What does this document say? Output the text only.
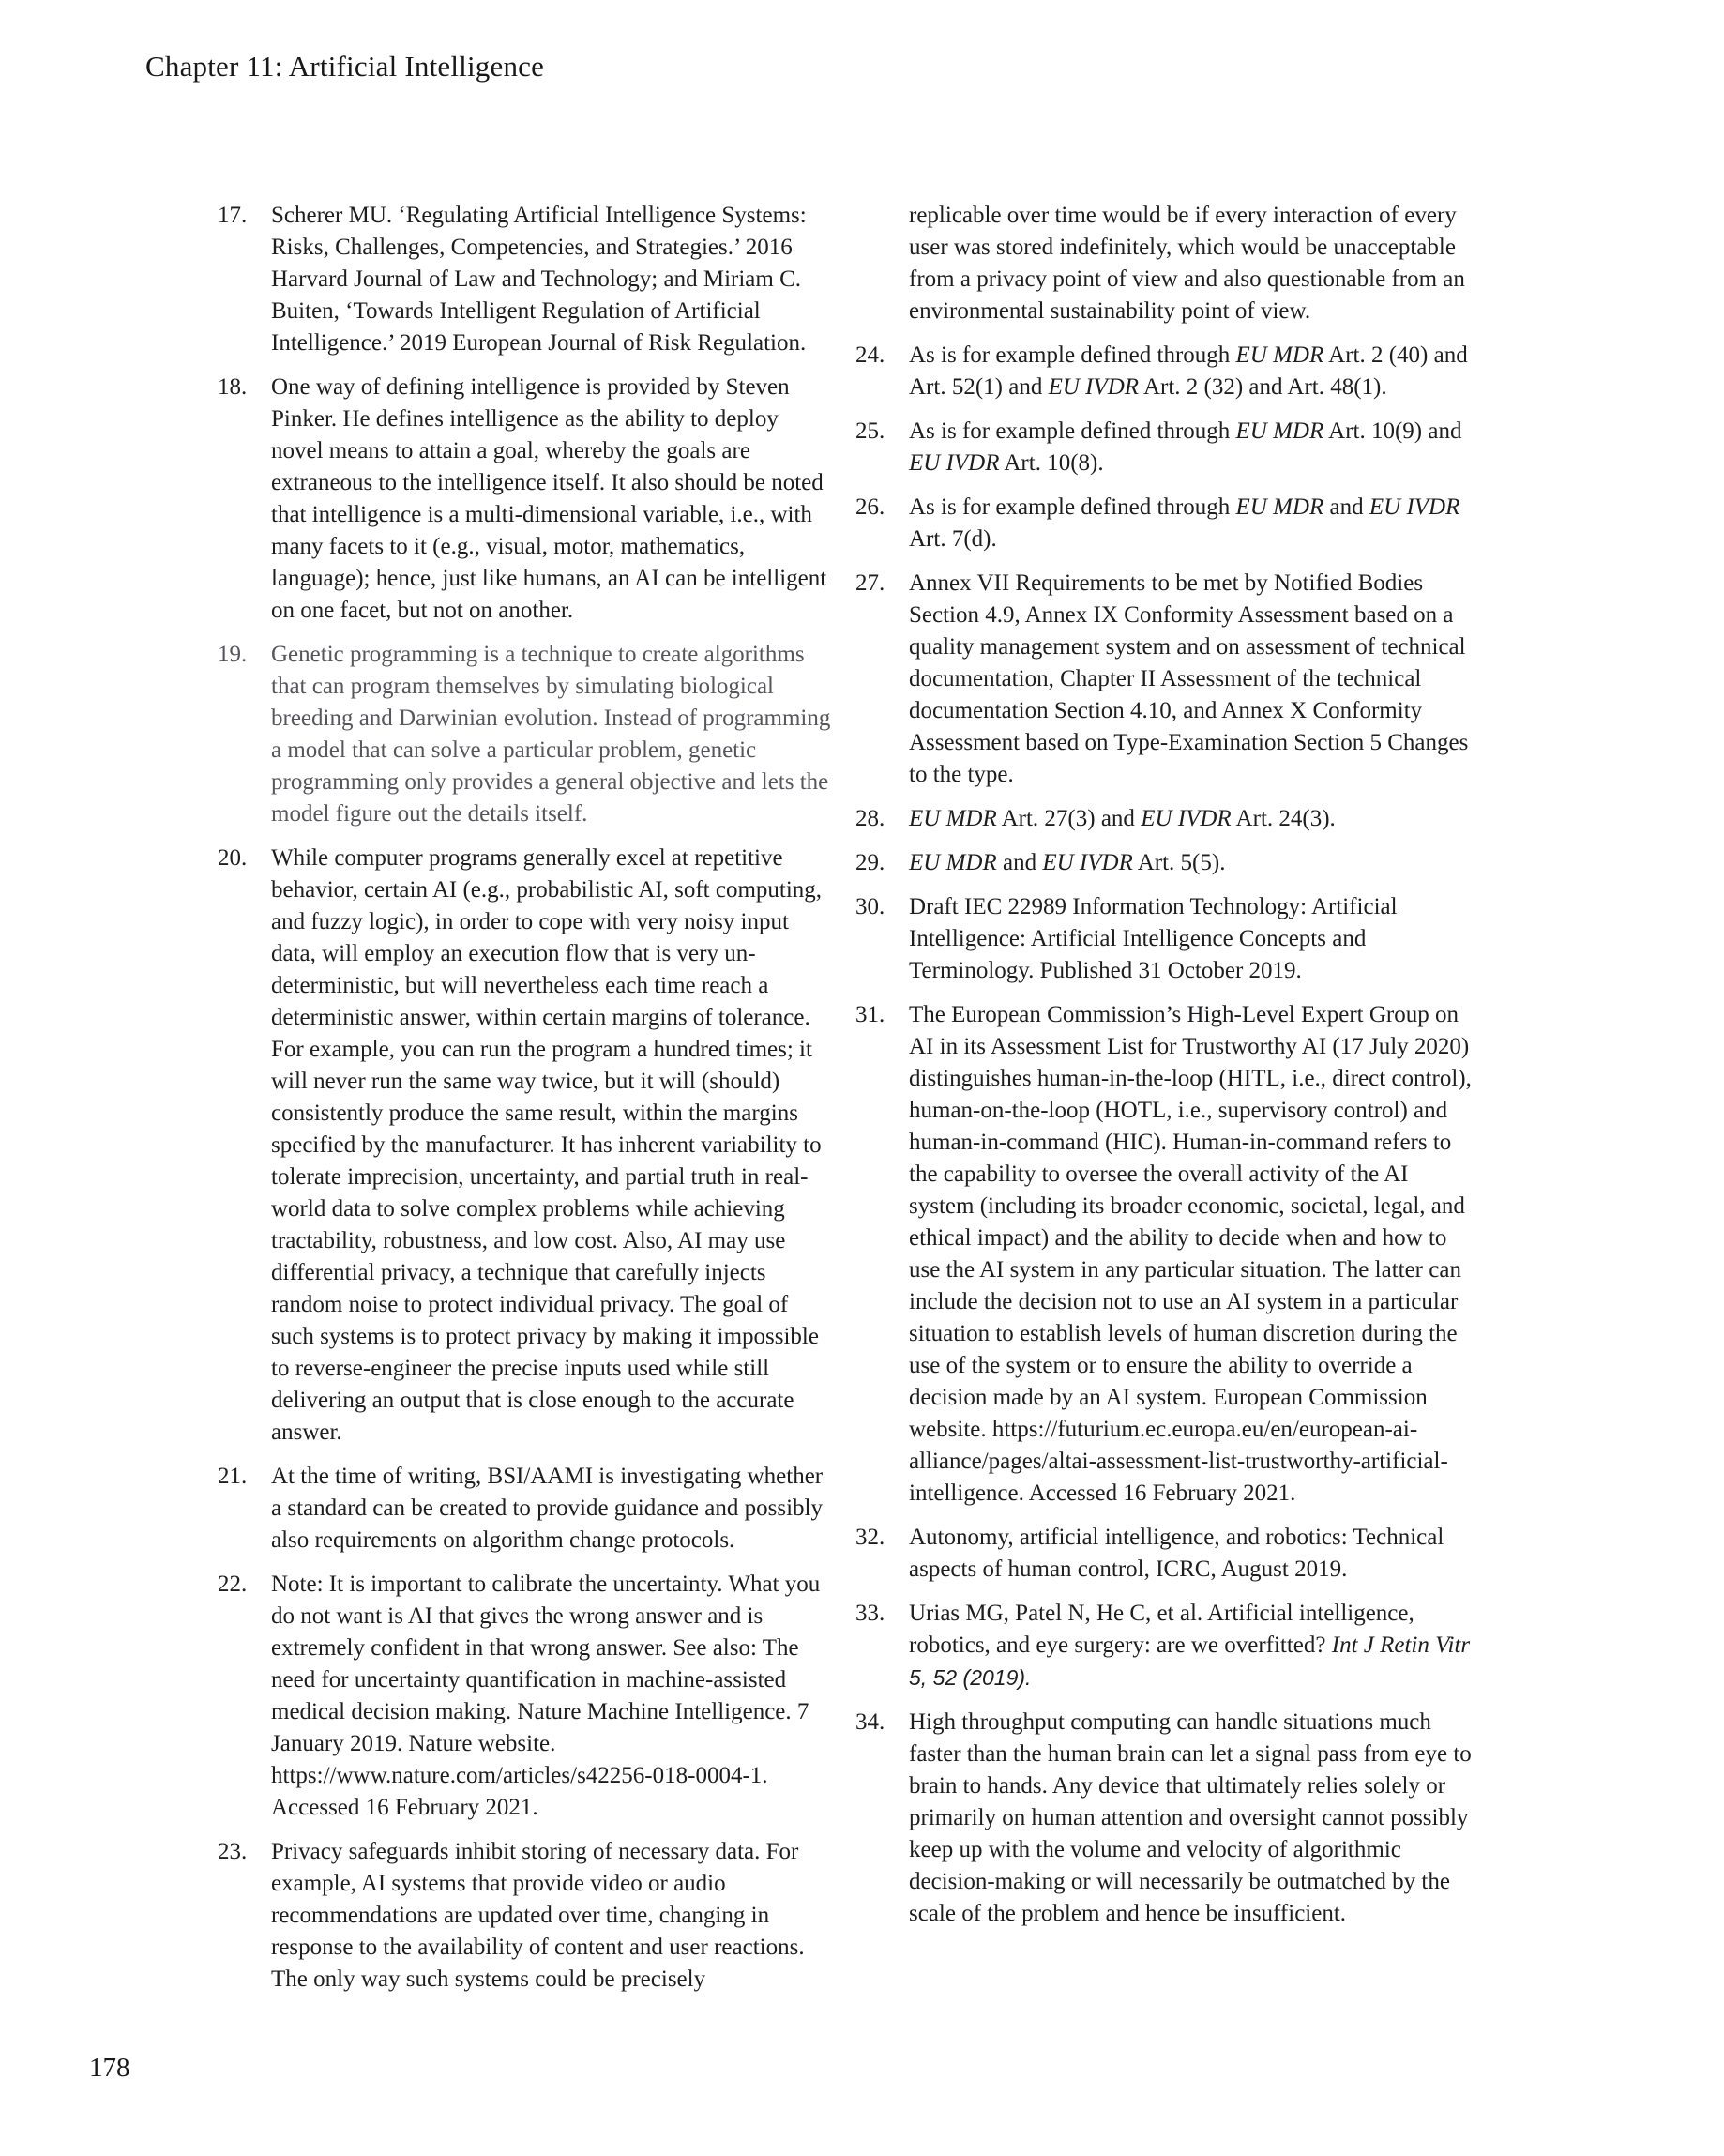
Chapter 11: Artificial Intelligence
17.	Scherer MU. ‘Regulating Artificial Intelligence Systems: Risks, Challenges, Competencies, and Strategies.’ 2016 Harvard Journal of Law and Technology; and Miriam C. Buiten, ‘Towards Intelligent Regulation of Artificial Intelligence.’ 2019 European Journal of Risk Regulation.
18.	One way of defining intelligence is provided by Steven Pinker. He defines intelligence as the ability to deploy novel means to attain a goal, whereby the goals are extraneous to the intelligence itself. It also should be noted that intelligence is a multi-dimensional variable, i.e., with many facets to it (e.g., visual, motor, mathematics, language); hence, just like humans, an AI can be intelligent on one facet, but not on another.
19.	Genetic programming is a technique to create algorithms that can program themselves by simulating biological breeding and Darwinian evolution. Instead of programming a model that can solve a particular problem, genetic programming only provides a general objective and lets the model figure out the details itself.
20.	While computer programs generally excel at repetitive behavior, certain AI (e.g., probabilistic AI, soft computing, and fuzzy logic), in order to cope with very noisy input data, will employ an execution flow that is very un-deterministic, but will nevertheless each time reach a deterministic answer, within certain margins of tolerance. For example, you can run the program a hundred times; it will never run the same way twice, but it will (should) consistently produce the same result, within the margins specified by the manufacturer. It has inherent variability to tolerate imprecision, uncertainty, and partial truth in real-world data to solve complex problems while achieving tractability, robustness, and low cost. Also, AI may use differential privacy, a technique that carefully injects random noise to protect individual privacy. The goal of such systems is to protect privacy by making it impossible to reverse-engineer the precise inputs used while still delivering an output that is close enough to the accurate answer.
21.	At the time of writing, BSI/AAMI is investigating whether a standard can be created to provide guidance and possibly also requirements on algorithm change protocols.
22.	Note: It is important to calibrate the uncertainty. What you do not want is AI that gives the wrong answer and is extremely confident in that wrong answer. See also: The need for uncertainty quantification in machine-assisted medical decision making. Nature Machine Intelligence. 7 January 2019. Nature website. https://www.nature.com/articles/s42256-018-0004-1. Accessed 16 February 2021.
23.	Privacy safeguards inhibit storing of necessary data. For example, AI systems that provide video or audio recommendations are updated over time, changing in response to the availability of content and user reactions. The only way such systems could be precisely
replicable over time would be if every interaction of every user was stored indefinitely, which would be unacceptable from a privacy point of view and also questionable from an environmental sustainability point of view.
24.	As is for example defined through EU MDR Art. 2 (40) and Art. 52(1) and EU IVDR Art. 2 (32) and Art. 48(1).
25.	As is for example defined through EU MDR Art. 10(9) and EU IVDR Art. 10(8).
26.	As is for example defined through EU MDR and EU IVDR Art. 7(d).
27.	Annex VII Requirements to be met by Notified Bodies Section 4.9, Annex IX Conformity Assessment based on a quality management system and on assessment of technical documentation, Chapter II Assessment of the technical documentation Section 4.10, and Annex X Conformity Assessment based on Type-Examination Section 5 Changes to the type.
28.	EU MDR Art. 27(3) and EU IVDR Art. 24(3).
29.	EU MDR and EU IVDR Art. 5(5).
30.	Draft IEC 22989 Information Technology: Artificial Intelligence: Artificial Intelligence Concepts and Terminology. Published 31 October 2019.
31.	The European Commission’s High-Level Expert Group on AI in its Assessment List for Trustworthy AI (17 July 2020) distinguishes human-in-the-loop (HITL, i.e., direct control), human-on-the-loop (HOTL, i.e., supervisory control) and human-in-command (HIC). Human-in-command refers to the capability to oversee the overall activity of the AI system (including its broader economic, societal, legal, and ethical impact) and the ability to decide when and how to use the AI system in any particular situation. The latter can include the decision not to use an AI system in a particular situation to establish levels of human discretion during the use of the system or to ensure the ability to override a decision made by an AI system. European Commission website. https://futurium.ec.europa.eu/en/european-ai-alliance/pages/altai-assessment-list-trustworthy-artificial-intelligence. Accessed 16 February 2021.
32.	Autonomy, artificial intelligence, and robotics: Technical aspects of human control, ICRC, August 2019.
33.	Urias MG, Patel N, He C, et al. Artificial intelligence, robotics, and eye surgery: are we overfitted? Int J Retin Vitr 5, 52 (2019).
34.	High throughput computing can handle situations much faster than the human brain can let a signal pass from eye to brain to hands. Any device that ultimately relies solely or primarily on human attention and oversight cannot possibly keep up with the volume and velocity of algorithmic decision-making or will necessarily be outmatched by the scale of the problem and hence be insufficient.
178
